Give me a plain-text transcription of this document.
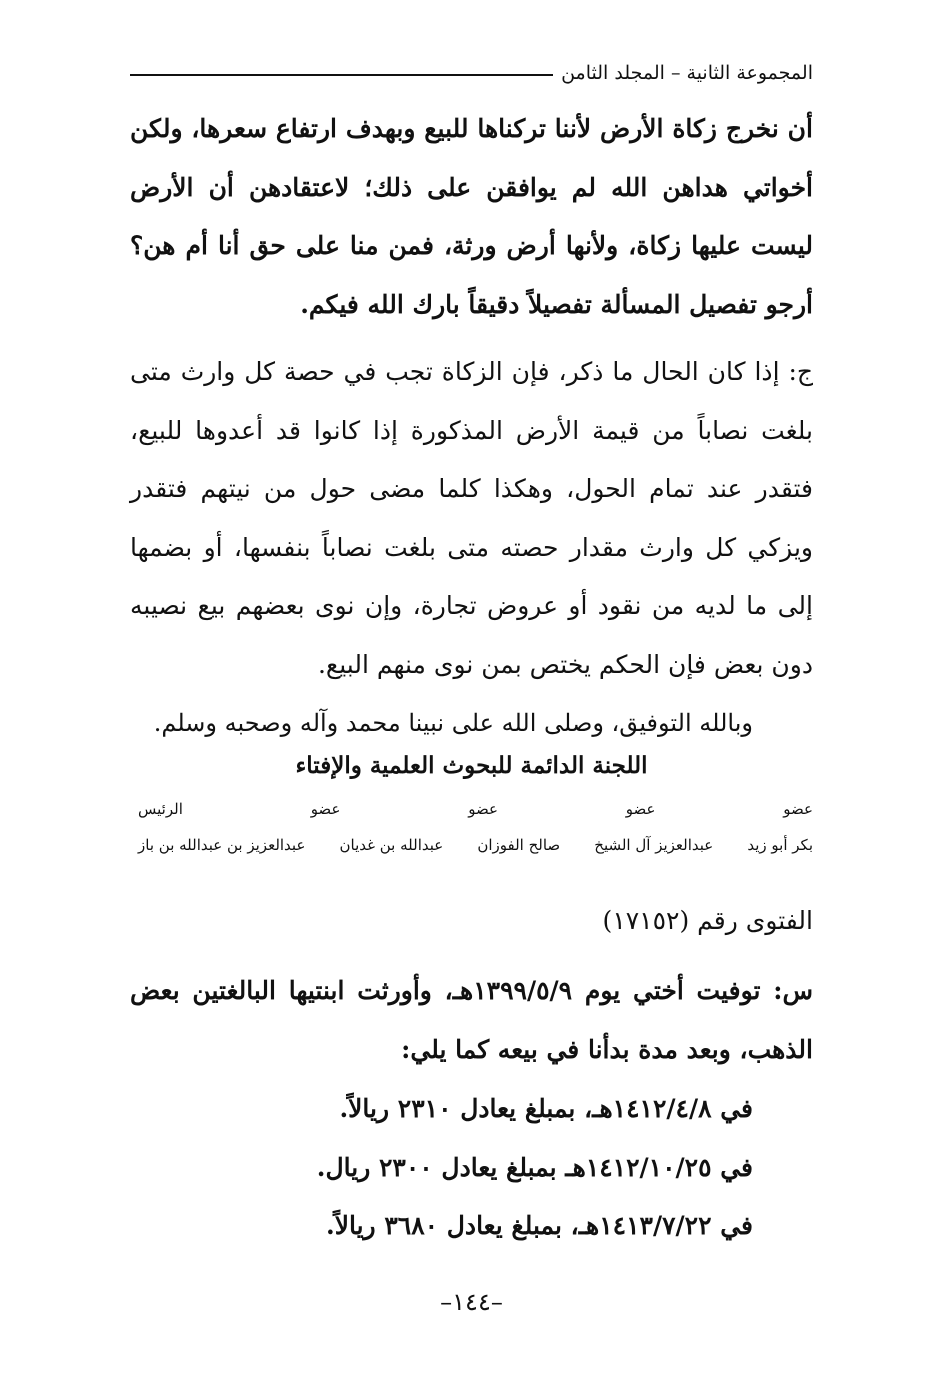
المجموعة الثانية – المجلد الثامن
أن نخرج زكاة الأرض لأننا تركناها للبيع وبهدف ارتفاع سعرها، ولكن أخواتي هداهن الله لم يوافقن على ذلك؛ لاعتقادهن أن الأرض ليست عليها زكاة، ولأنها أرض ورثة، فمن منا على حق أنا أم هن؟ أرجو تفصيل المسألة تفصيلاً دقيقاً بارك الله فيكم.
ج: إذا كان الحال ما ذكر، فإن الزكاة تجب في حصة كل وارث متى بلغت نصاباً من قيمة الأرض المذكورة إذا كانوا قد أعدوها للبيع، فتقدر عند تمام الحول، وهكذا كلما مضى حول من نيتهم فتقدر ويزكي كل وارث مقدار حصته متى بلغت نصاباً بنفسها، أو بضمها إلى ما لديه من نقود أو عروض تجارة، وإن نوى بعضهم بيع نصيبه دون بعض فإن الحكم يختص بمن نوى منهم البيع.
وبالله التوفيق، وصلى الله على نبينا محمد وآله وصحبه وسلم.
اللجنة الدائمة للبحوث العلمية والإفتاء
عضو
عضو
عضو
عضو
الرئيس
بكر أبو زيد
عبدالعزيز آل الشيخ
صالح الفوزان
عبدالله بن غديان
عبدالعزيز بن عبدالله بن باز
الفتوى رقم (١٧١٥٢)
س: توفيت أختي يوم ١٣٩٩/٥/٩هـ، وأورثت ابنتيها البالغتين بعض الذهب، وبعد مدة بدأنا في بيعه كما يلي:
في ١٤١٢/٤/٨هـ، بمبلغ يعادل ٢٣١٠ ريالاً.
في ١٤١٢/١٠/٢٥هـ بمبلغ يعادل ٢٣٠٠ ريال.
في ١٤١٣/٧/٢٢هـ، بمبلغ يعادل ٣٦٨٠ ريالاً.
–١٤٤–
